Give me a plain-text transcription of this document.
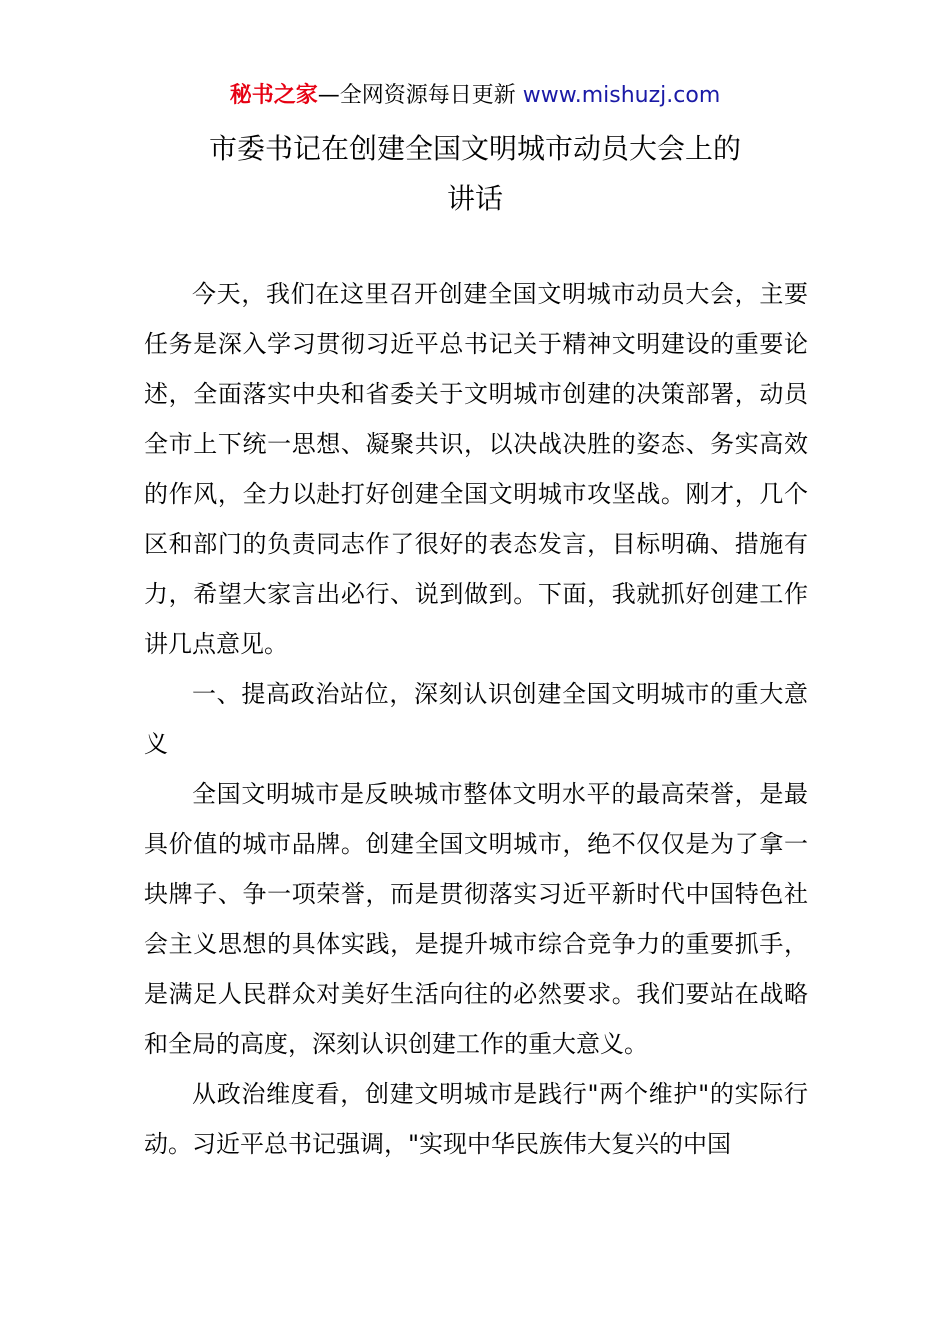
秘书之家—全网资源每日更新 www.mishuzj.com
市委书记在创建全国文明城市动员大会上的
讲话

今天，我们在这里召开创建全国文明城市动员大会，主要任务是深入学习贯彻习近平总书记关于精神文明建设的重要论述，全面落实中央和省委关于文明城市创建的决策部署，动员全市上下统一思想、凝聚共识，以决战决胜的姿态、务实高效的作风，全力以赴打好创建全国文明城市攻坚战。刚才，几个区和部门的负责同志作了很好的表态发言，目标明确、措施有力，希望大家言出必行、说到做到。下面，我就抓好创建工作讲几点意见。

一、提高政治站位，深刻认识创建全国文明城市的重大意义

全国文明城市是反映城市整体文明水平的最高荣誉，是最具价值的城市品牌。创建全国文明城市，绝不仅仅是为了拿一块牌子、争一项荣誉，而是贯彻落实习近平新时代中国特色社会主义思想的具体实践，是提升城市综合竞争力的重要抓手，是满足人民群众对美好生活向往的必然要求。我们要站在战略和全局的高度，深刻认识创建工作的重大意义。

从政治维度看，创建文明城市是践行"两个维护"的实际行动。习近平总书记强调，"实现中华民族伟大复兴的中国
